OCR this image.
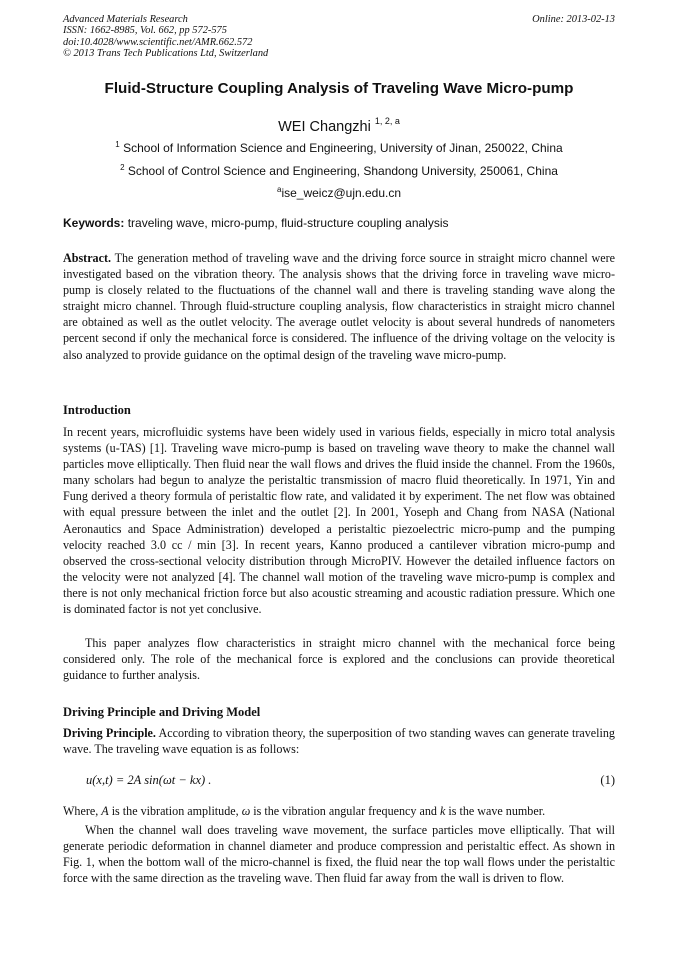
Advanced Materials Research
ISSN: 1662-8985, Vol. 662, pp 572-575
doi:10.4028/www.scientific.net/AMR.662.572
© 2013 Trans Tech Publications Ltd, Switzerland
Online: 2013-02-13
Fluid-Structure Coupling Analysis of Traveling Wave Micro-pump
WEI Changzhi $^{1, 2, a}$
$^1$ School of Information Science and Engineering, University of Jinan, 250022, China
$^2$ School of Control Science and Engineering, Shandong University, 250061, China
$^a$ise_weicz@ujn.edu.cn
Keywords: traveling wave, micro-pump, fluid-structure coupling analysis
Abstract. The generation method of traveling wave and the driving force source in straight micro channel were investigated based on the vibration theory. The analysis shows that the driving force in traveling wave micro-pump is closely related to the fluctuations of the channel wall and there is traveling standing wave along the straight micro channel. Through fluid-structure coupling analysis, flow characteristics in straight micro channel are obtained as well as the outlet velocity. The average outlet velocity is about several hundreds of nanometers percent second if only the mechanical force is considered. The influence of the driving voltage on the velocity is also analyzed to provide guidance on the optimal design of the traveling wave micro-pump.
Introduction
In recent years, microfluidic systems have been widely used in various fields, especially in micro total analysis systems (u-TAS) [1]. Traveling wave micro-pump is based on traveling wave theory to make the channel wall particles move elliptically. Then fluid near the wall flows and drives the fluid inside the channel. From the 1960s, many scholars had begun to analyze the peristaltic transmission of macro fluid theoretically. In 1971, Yin and Fung derived a theory formula of peristaltic flow rate, and validated it by experiment. The net flow was obtained with equal pressure between the inlet and the outlet [2]. In 2001, Yoseph and Chang from NASA (National Aeronautics and Space Administration) developed a peristaltic piezoelectric micro-pump and the pumping velocity reached 3.0 cc / min [3]. In recent years, Kanno produced a cantilever vibration micro-pump and observed the cross-sectional velocity distribution through MicroPIV. However the detailed influence factors on the velocity were not analyzed [4]. The channel wall motion of the traveling wave micro-pump is complex and there is not only mechanical friction force but also acoustic streaming and acoustic radiation pressure. Which one is dominated factor is not yet conclusive.
This paper analyzes flow characteristics in straight micro channel with the mechanical force being considered only. The role of the mechanical force is explored and the conclusions can provide theoretical guidance to further analysis.
Driving Principle and Driving Model
Driving Principle. According to vibration theory, the superposition of two standing waves can generate traveling wave. The traveling wave equation is as follows:
u(x,t) = 2A sin(ωt − kx) .	(1)
Where, A is the vibration amplitude, ω is the vibration angular frequency and k is the wave number.
When the channel wall does traveling wave movement, the surface particles move elliptically. That will generate periodic deformation in channel diameter and produce compression and peristaltic effect. As shown in Fig. 1, when the bottom wall of the micro-channel is fixed, the fluid near the top wall flows under the peristaltic force with the same direction as the traveling wave. Then fluid far away from the wall is driven to flow.
